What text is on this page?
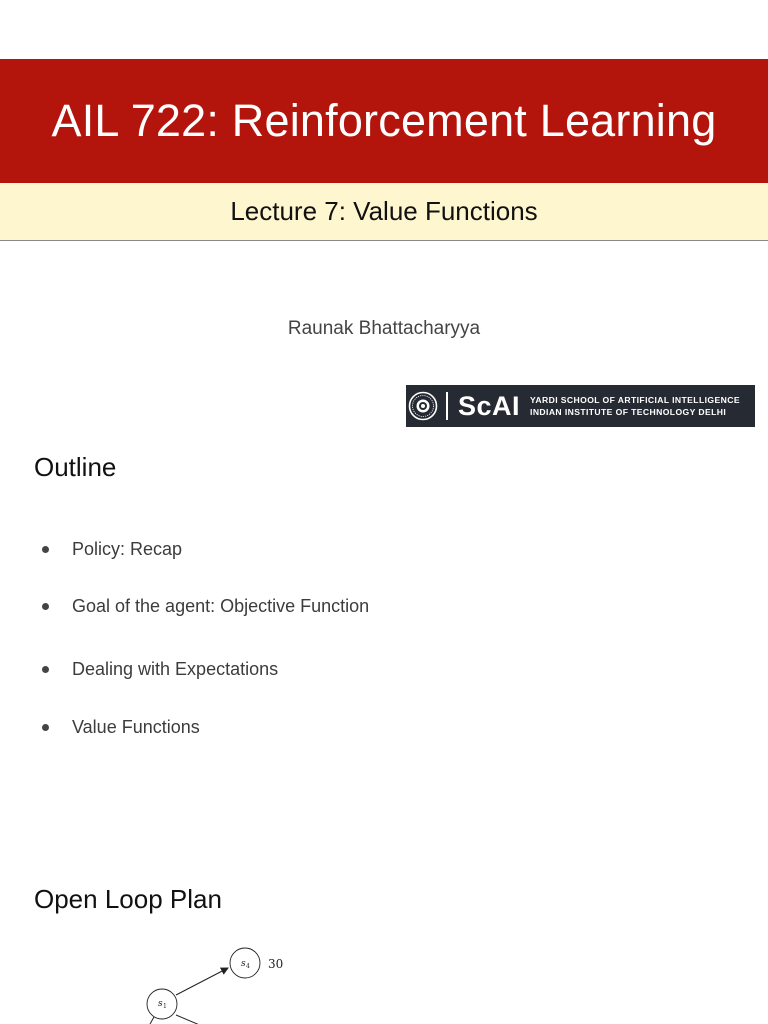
AIL 722: Reinforcement Learning
Lecture 7: Value Functions
Raunak Bhattacharyya
ScAI YARDI SCHOOL OF ARTIFICIAL INTELLIGENCE
INDIAN INSTITUTE OF TECHNOLOGY DELHI
Outline
Policy: Recap
Goal of the agent: Objective Function
Dealing with Expectations
Value Functions
s 4 30
s 1
Open Loop Plan
